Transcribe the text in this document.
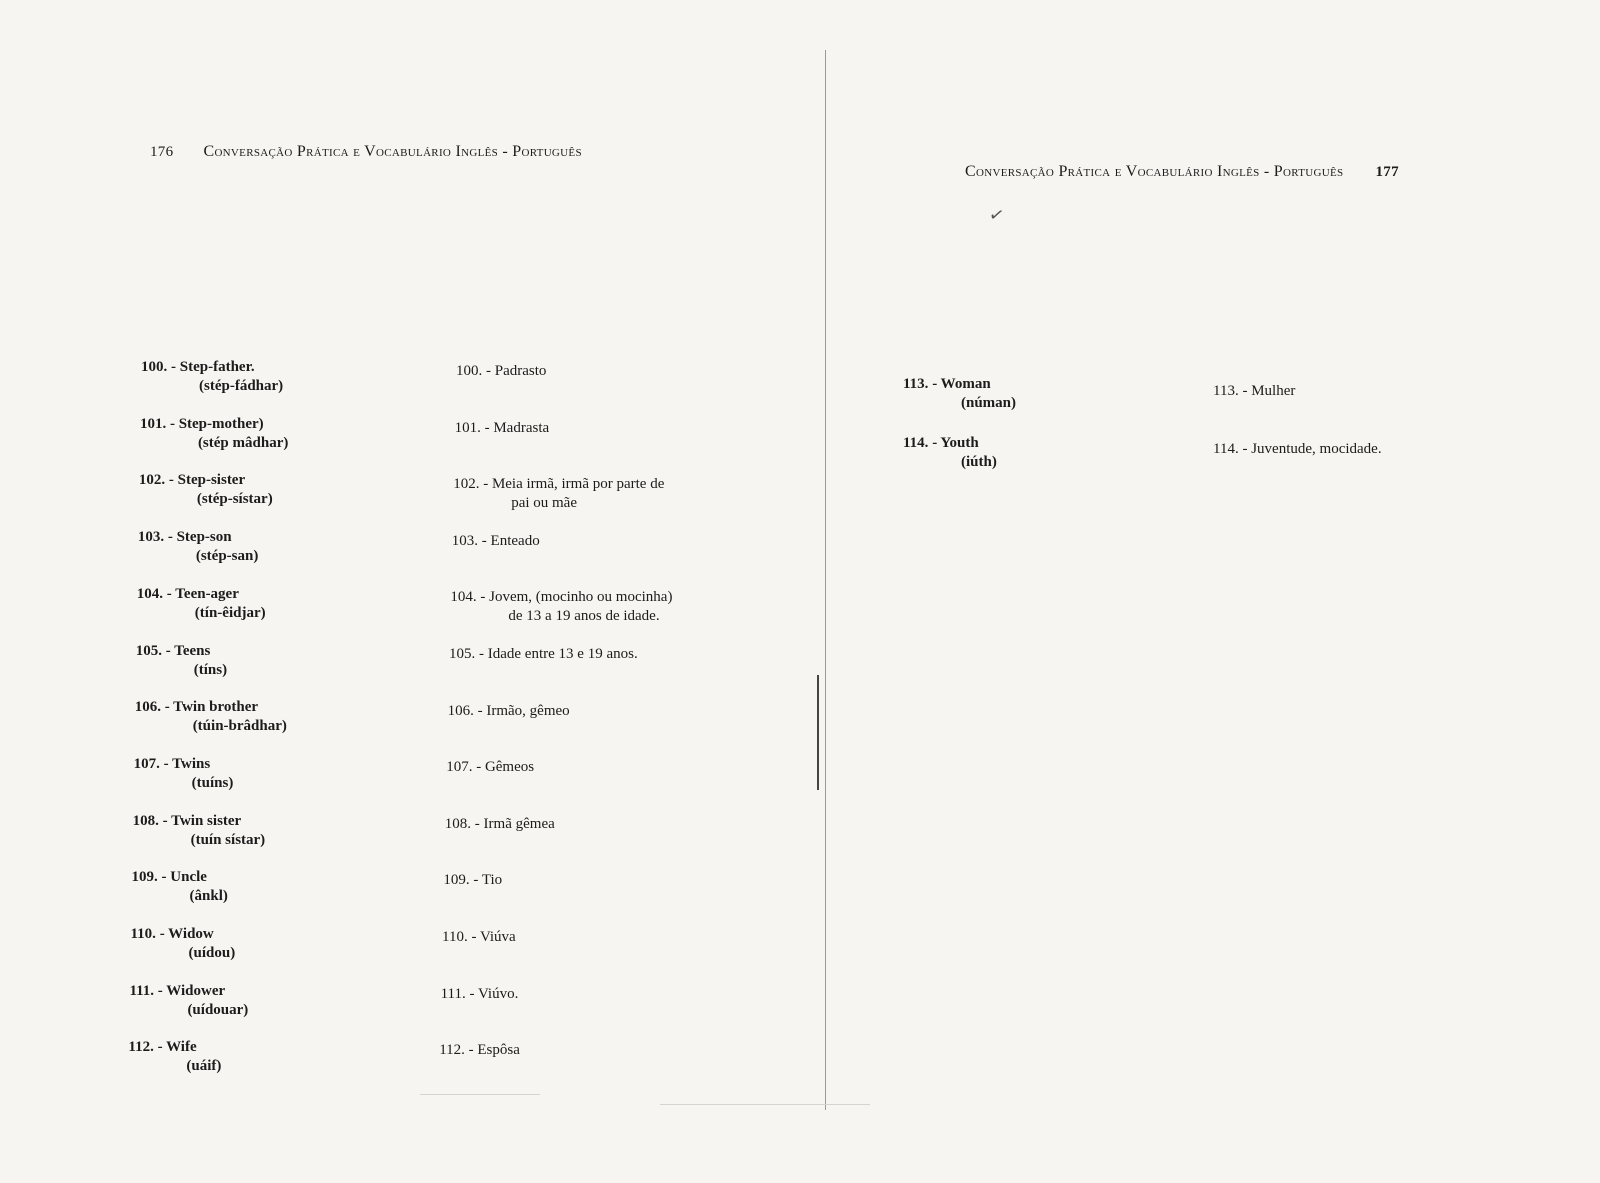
176 Conversação Prática e Vocabulário Inglês - Português
100. - Step-father.
(stép-fádhar)
101. - Step-mother)
(stép mâdhar)
102. - Step-sister
(stép-sístar)
103. - Step-son
(stép-san)
104. - Teen-ager
(tín-êidjar)
105. - Teens
(tíns)
106. - Twin brother
(túin-brâdhar)
107. - Twins
(tuíns)
108. - Twin sister
(tuín sístar)
109. - Uncle
(ânkl)
110. - Widow
(uídou)
111. - Widower
(uídouar)
112. - Wife
(uáif)
100. - Padrasto
101. - Madrasta
102. - Meia irmã, irmã por parte de
pai ou mãe
103. - Enteado
104. - Jovem, (mocinho ou mocinha)
de 13 a 19 anos de idade.
105. - Idade entre 13 e 19 anos.
106. - Irmão, gêmeo
107. - Gêmeos
108. - Irmã gêmea
109. - Tio
110. - Viúva
111. - Viúvo.
112. - Espôsa
Conversação Prática e Vocabulário Inglês - Português 177
✓
113. - Woman
(núman)
114. - Youth
(iúth)
113. - Mulher
114. - Juventude, mocidade.
